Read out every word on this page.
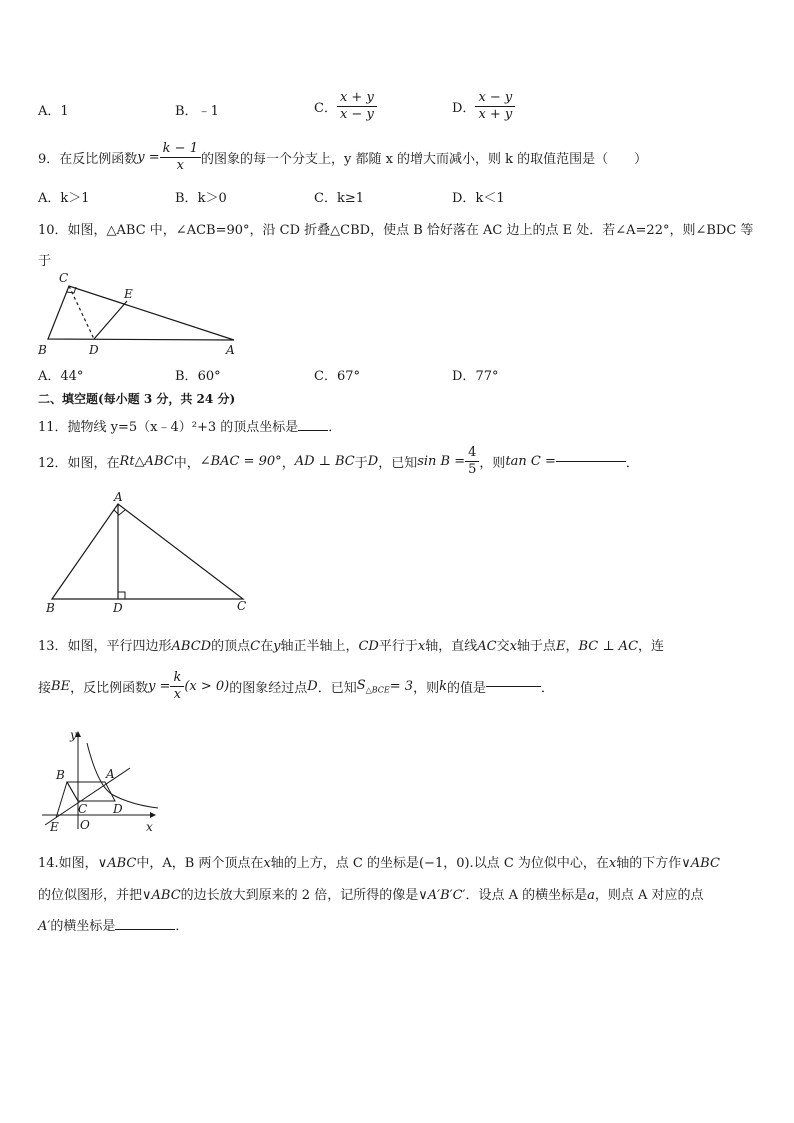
A．1	B．﹣1	C． $\frac{x + y}{x - y}$	D． $\frac{x - y}{x + y}$
9．在反比例函数$y = \frac{k - 1}{x}$ 的图象的每一个分支上，y 都随 x 的增大而减小，则 k 的取值范围是（　　）
A．k＞1	B．k＞0	C．k≥1	D．k＜1
10．如图，△ABC 中，∠ACB=90°，沿 CD 折叠△CBD，使点 B 恰好落在 AC 边上的点 E 处．若∠A=22°，则∠BDC 等
于
C
E
B	D	A
A．44°	B．60°	C．67°	D．77°
二、填空题(每小题 3 分，共 24 分)
11．抛物线 y=5（x﹣4）²+3 的顶点坐标是 ．
12．如图，在Rt△ABC中，∠BAC = 90°，AD ⊥ BC于D，已知$\sin B = \frac{4}{5}$ ，则tan C =	．
A
B	D	C
13．如图，平行四边形ABCD的顶点C在y轴正半轴上，CD平行于x轴，直线AC交x轴于点E，BC ⊥ AC，连
接BE，反比例函数$y = \frac{k}{x} (x > 0)$的图象经过点D．已知$S_{\triangle BCE}= 3$，则k的值是	．
y
x
B	A
C D
E O
14.如图，∨ABC中，A，B 两个顶点在x轴的上方，点 C 的坐标是(−1，0).以点 C 为位似中心，在x轴的下方作∨ABC
的位似图形，并把∨ABC的边长放大到原来的 2 倍，记所得的像是∨A′B′C′．设点 A 的横坐标是a，则点 A 对应的点
A′的横坐标是	．
